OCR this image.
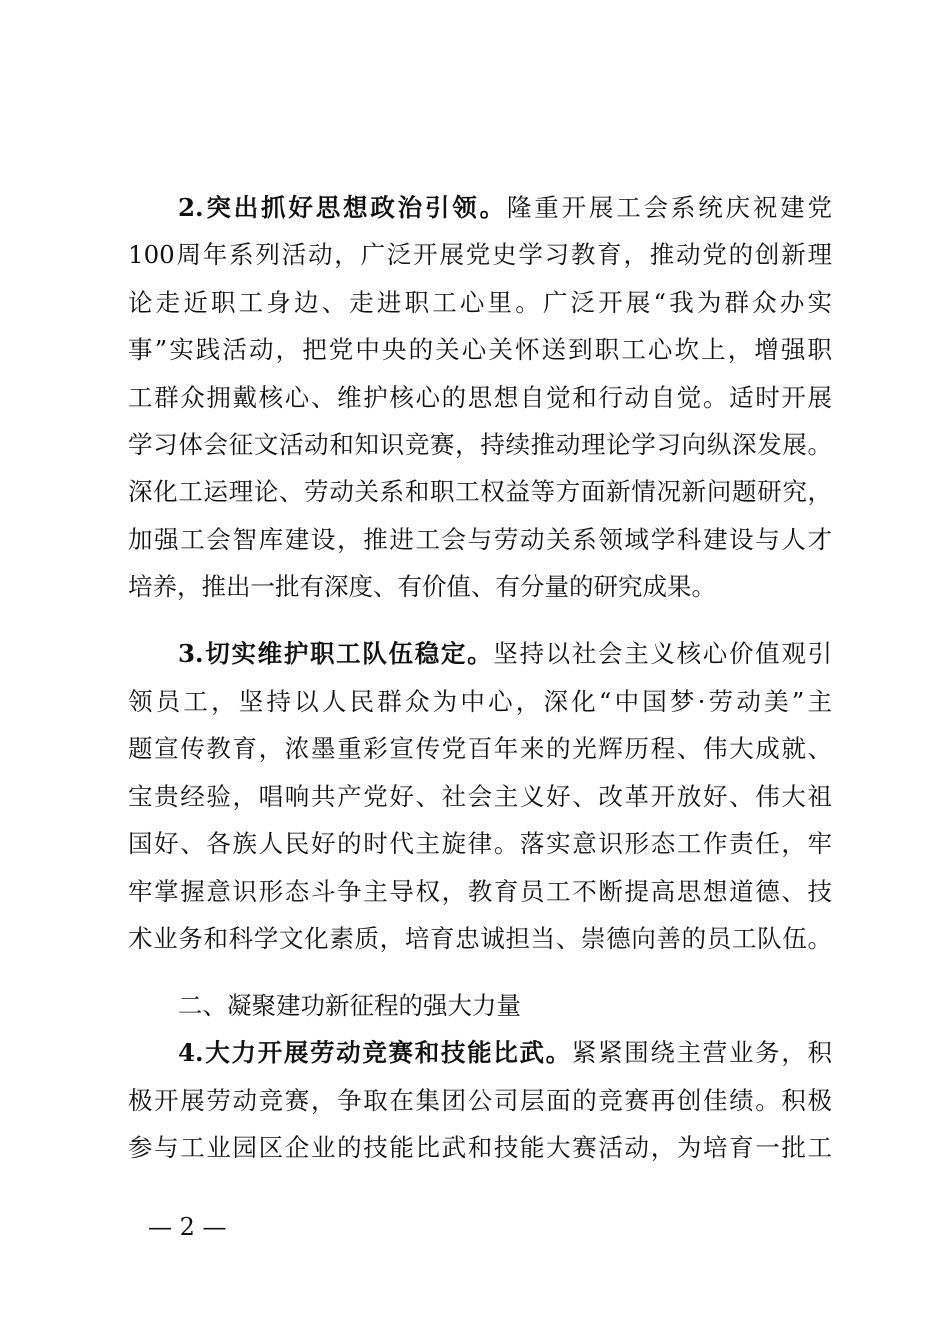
2.突出抓好思想政治引领。隆重开展工会系统庆祝建党
100周年系列活动，广泛开展党史学习教育，推动党的创新理
论走近职工身边、走进职工心里。广泛开展“我为群众办实
事”实践活动，把党中央的关心关怀送到职工心坎上，增强职
工群众拥戴核心、维护核心的思想自觉和行动自觉。适时开展
学习体会征文活动和知识竞赛，持续推动理论学习向纵深发展。
深化工运理论、劳动关系和职工权益等方面新情况新问题研究，
加强工会智库建设，推进工会与劳动关系领域学科建设与人才
培养，推出一批有深度、有价值、有分量的研究成果。
3.切实维护职工队伍稳定。坚持以社会主义核心价值观引
领员工，坚持以人民群众为中心，深化“中国梦·劳动美”主
题宣传教育，浓墨重彩宣传党百年来的光辉历程、伟大成就、
宝贵经验，唱响共产党好、社会主义好、改革开放好、伟大祖
国好、各族人民好的时代主旋律。落实意识形态工作责任，牢
牢掌握意识形态斗争主导权，教育员工不断提高思想道德、技
术业务和科学文化素质，培育忠诚担当、崇德向善的员工队伍。
二、凝聚建功新征程的强大力量
4.大力开展劳动竞赛和技能比武。紧紧围绕主营业务，积
极开展劳动竞赛，争取在集团公司层面的竞赛再创佳绩。积极
参与工业园区企业的技能比武和技能大赛活动，为培育一批工
— 2 —
